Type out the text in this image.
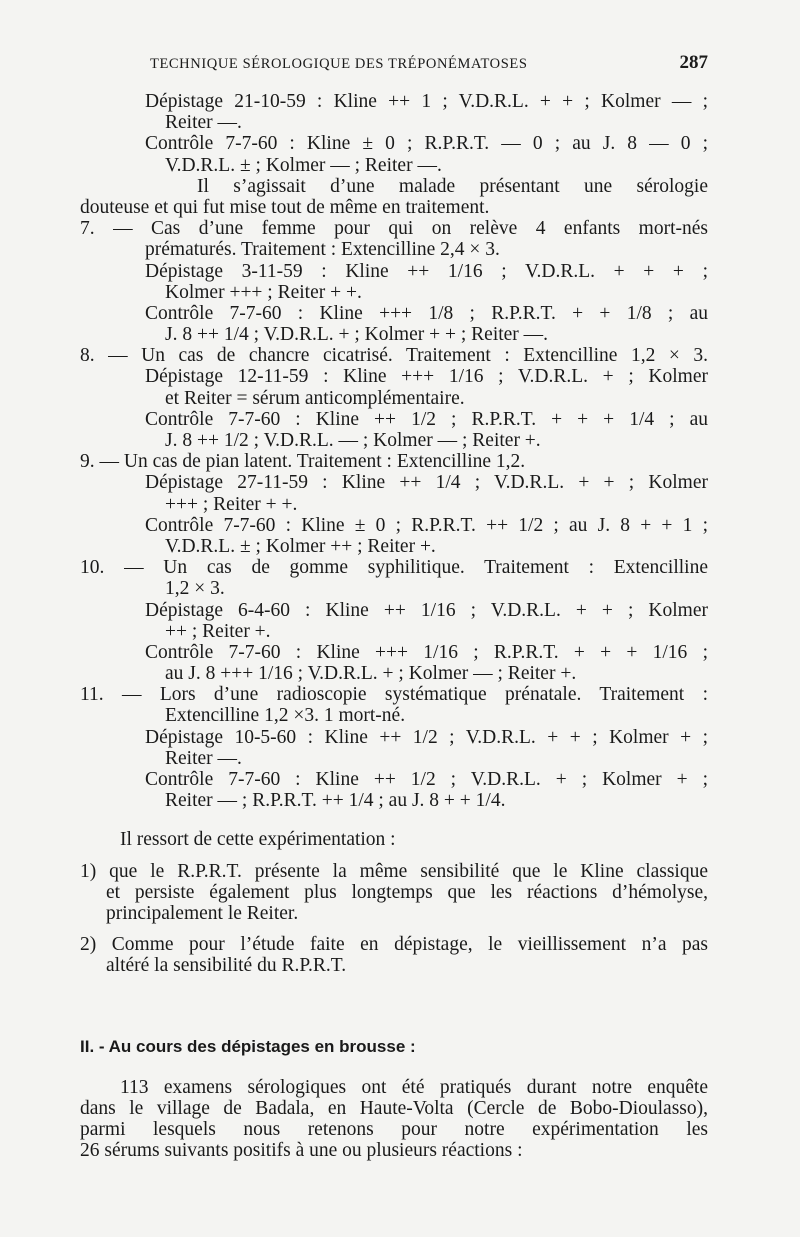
TECHNIQUE SÉROLOGIQUE DES TRÉPONÉMATOSES	287
Dépistage 21-10-59 : Kline ++ 1 ; V.D.R.L. + + ; Kolmer — ;
Reiter —.
Contrôle 7-7-60 : Kline ± 0 ; R.P.R.T. — 0 ; au J. 8 — 0 ;
V.D.R.L. ± ; Kolmer — ; Reiter —.
Il s’agissait d’une malade présentant une sérologie
douteuse et qui fut mise tout de même en traitement.
7. — Cas d’une femme pour qui on relève 4 enfants mort-nés
prématurés. Traitement : Extencilline 2,4 × 3.
Dépistage 3-11-59 : Kline ++ 1/16 ; V.D.R.L. + + + ;
Kolmer +++ ; Reiter + +.
Contrôle 7-7-60 : Kline +++ 1/8 ; R.P.R.T. + + 1/8 ; au
J. 8 ++ 1/4 ; V.D.R.L. + ; Kolmer + + ; Reiter —.
8. — Un cas de chancre cicatrisé. Traitement : Extencilline 1,2 × 3.
Dépistage 12-11-59 : Kline +++ 1/16 ; V.D.R.L. + ; Kolmer
et Reiter = sérum anticomplémentaire.
Contrôle 7-7-60 : Kline ++ 1/2 ; R.P.R.T. + + + 1/4 ; au
J. 8 ++ 1/2 ; V.D.R.L. — ; Kolmer — ; Reiter +.
9. — Un cas de pian latent. Traitement : Extencilline 1,2.
Dépistage 27-11-59 : Kline ++ 1/4 ; V.D.R.L. + + ; Kolmer
+++ ; Reiter + +.
Contrôle 7-7-60 : Kline ± 0 ; R.P.R.T. ++ 1/2 ; au J. 8 + + 1 ;
V.D.R.L. ± ; Kolmer ++ ; Reiter +.
10. — Un cas de gomme syphilitique. Traitement : Extencilline
1,2 × 3.
Dépistage 6-4-60 : Kline ++ 1/16 ; V.D.R.L. + + ; Kolmer
++ ; Reiter +.
Contrôle 7-7-60 : Kline +++ 1/16 ; R.P.R.T. + + + 1/16 ;
au J. 8 +++ 1/16 ; V.D.R.L. + ; Kolmer — ; Reiter +.
11. — Lors d’une radioscopie systématique prénatale. Traitement :
Extencilline 1,2 ×3. 1 mort-né.
Dépistage 10-5-60 : Kline ++ 1/2 ; V.D.R.L. + + ; Kolmer + ;
Reiter —.
Contrôle 7-7-60 : Kline ++ 1/2 ; V.D.R.L. + ; Kolmer + ;
Reiter — ; R.P.R.T. ++ 1/4 ; au J. 8 + + 1/4.
Il ressort de cette expérimentation :
1) que le R.P.R.T. présente la même sensibilité que le Kline classique
et persiste également plus longtemps que les réactions d’hémolyse,
principalement le Reiter.
2) Comme pour l’étude faite en dépistage, le vieillissement n’a pas
altéré la sensibilité du R.P.R.T.
II. - Au cours des dépistages en brousse :
113 examens sérologiques ont été pratiqués durant notre enquête
dans le village de Badala, en Haute-Volta (Cercle de Bobo-Dioulasso),
parmi lesquels nous retenons pour notre expérimentation les
26 sérums suivants positifs à une ou plusieurs réactions :
